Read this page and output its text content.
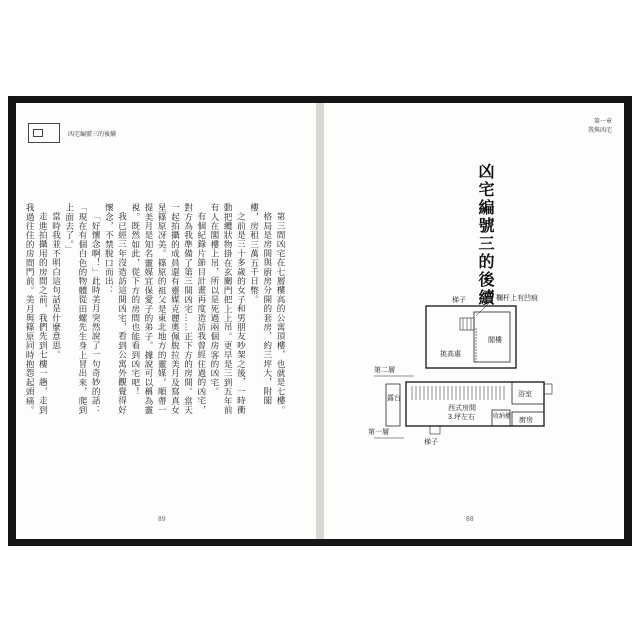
凶宅編號三的後續

第三間凶宅在七層樓高的公寓頂樓，也就是七樓。

格局是房間與廚房分開的套房，約三坪大，附閣樓，房租三萬五千日幣。

之前是三十多歲的女子和男朋友吵架之後，一時衝動把纜狀物掛在玄關門把上上吊。更早是三到五年前有人在閣樓上吊，所以是死過兩個房客的凶宅。

有個紀錄片節目計畫再度造訪我曾經住過的凶宅，對方為我準備了第三間凶宅……正下方的房間。當天一起拍攝的成員還有靈媒克麗奧佩脫拉美月及寫真女星篠原冴美。篠原的祖父是東北地方的靈媒，順帶一提美月是知名靈媒宜保愛子的弟子。據說可以稱為靈視。既然如此，從下方的房間也能看到凶宅吧！

我已經三年沒造訪這間凶宅，看到公寓外觀覺得好懷念，不禁脫口而出：

「好懷念啊！」此時美月突然說了一句奇妙的話：「現在有個白色的物體從田螺先生身上冒出來，爬到上面去了。」

當時我並不明白這句話是什麼意思。

走進拍攝用的房間之前，我們先到七樓一趟，走到我過往住的房間門前。美月與篠原同時抱怨起頭痛。

89
第一章
我與凶宅
凶宅編號三的後續
梯子	欄杆上有凹痕
閣樓
挑高處
第二層
第一層
露台
浴室
西式房間
3.坪左右	收納櫃 廚房
梯子
88
